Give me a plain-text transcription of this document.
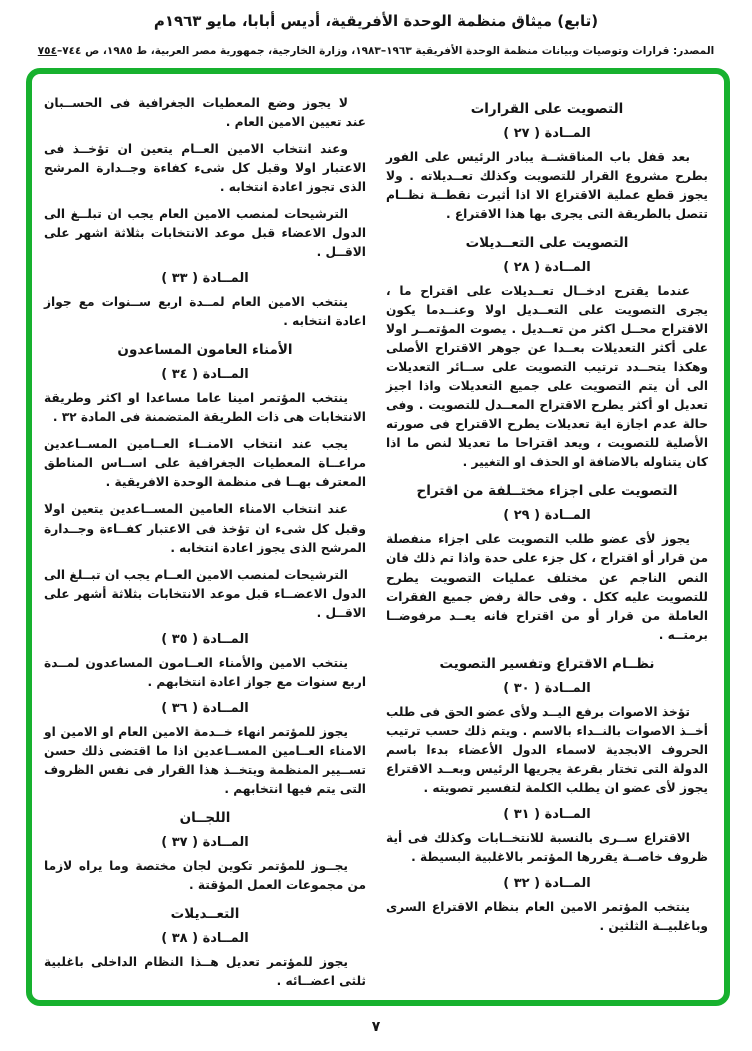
(تابع) ميثاق منظمة الوحدة الأفريقية، أديس أبابا، مايو ١٩٦٣م
المصدر: قرارات وتوصيات وبيانات منظمة الوحدة الأفريقية ١٩٦٣–١٩٨٣، وزارة الخارجية، جمهورية مصر العربية، ط ١٩٨٥، ص ٧٤٤–٧٥٤
التصويت على القرارات
المــادة ( ٢٧ )
بعد قفل باب المناقشــة يبادر الرئيس على الفور بطرح مشروع القرار للتصويت وكذلك تعــديلاته . ولا يجوز قطع عملية الاقتراع الا اذا أثيرت نقطــة نظــام تتصل بالطريقة التى يجرى بها هذا الاقتراع .
التصويت على التعــديلات
المــادة ( ٢٨ )
عندما يقترح ادخــال تعــديلات على اقتراح ما ، يجرى التصويت على التعــديل اولا وعنــدما يكون الاقتراح محــل اكثر من تعــديل . يصوت المؤتمــر اولا على أكثر التعديلات بعــدا عن جوهر الاقتراح الأصلى وهكذا يتحــدد ترتيب التصويت على ســائر التعديلات الى أن يتم التصويت على جميع التعديلات واذا اجيز تعديل او أكثر يطرح الاقتراح المعــدل للتصويت . وفى حالة عدم اجازة اية تعديلات يطرح الاقتراح فى صورته الأصلية للتصويت ، ويعد اقتراحا ما تعديلا لنص ما اذا كان يتناوله بالاضافة او الحذف او التغيير .
التصويت على اجزاء مختــلفة من اقتراح
المــادة ( ٢٩ )
يجوز لأى عضو طلب التصويت على اجزاء منفصلة من قرار أو اقتراح ، كل جزء على حدة واذا تم ذلك فان النص الناجم عن مختلف عمليات التصويت يطرح للتصويت عليه ككل . وفى حالة رفض جميع الفقرات العاملة من قرار أو من اقتراح فانه يعــد مرفوضــا برمتــه .
نظــام الاقتراع وتفسير التصويت
المــادة ( ٣٠ )
تؤخذ الاصوات برفع اليــد ولأى عضو الحق فى طلب أخــذ الاصوات بالنــداء بالاسم . ويتم ذلك حسب ترتيب الحروف الابجدية لاسماء الدول الأعضاء بدءا باسم الدولة التى تختار بقرعة يجريها الرئيس وبعــد الاقتراع يجوز لأى عضو ان يطلب الكلمة لتفسير تصويته .
المــادة ( ٣١ )
الاقتراع ســرى بالنسبة للانتخــابات وكذلك فى أية ظروف خاصــة يقررها المؤتمر بالاغلبية البسيطة .
المــادة ( ٣٢ )
ينتخب المؤتمر الامين العام بنظام الاقتراع السرى وباغلبيــة الثلثين .
لا يجوز وضع المعطيات الجغرافية فى الحســبان عند تعيين الامين العام .
وعند انتخاب الامين العــام يتعين ان تؤخــذ فى الاعتبار اولا وقبل كل شىء كفاءة وجــدارة المرشح الذى تجوز اعادة انتخابه .
الترشيحات لمنصب الامين العام يجب ان تبلــغ الى الدول الاعضاء قبل موعد الانتخابات بثلاثة اشهر على الاقــل .
المــادة ( ٣٣ )
ينتخب الامين العام لمــدة اربع ســنوات مع جواز اعادة انتخابه .
الأمناء العامون المساعدون
المــادة ( ٣٤ )
ينتخب المؤتمر امينا عاما مساعدا او اكثر وطريقة الانتخابات هى ذات الطريقة المتضمنة فى المادة ٣٢ .
يجب عند انتخاب الامنــاء العــامين المســاعدين مراعــاة المعطيات الجغرافية على اســاس المناطق المعترف بهــا فى منظمة الوحدة الافريقية .
عند انتخاب الامناء العامين المســاعدين يتعين اولا وقبل كل شىء ان تؤخذ فى الاعتبار كفــاءة وجــدارة المرشح الذى يجوز اعادة انتخابه .
الترشيحات لمنصب الامين العــام يجب ان تبــلغ الى الدول الاعضــاء قبل موعد الانتخابات بثلاثة أشهر على الاقــل .
المــادة ( ٣٥ )
ينتخب الامين والأمناء العــامون المساعدون لمــدة اربع سنوات مع جواز اعادة انتخابهم .
المــادة ( ٣٦ )
يجوز للمؤتمر انهاء خــدمة الامين العام او الامين او الامناء العــامين المســاعدين اذا ما اقتضى ذلك حسن تســيير المنظمة ويتخــذ هذا القرار فى نفس الظروف التى يتم فيها انتخابهم .
اللجــان
المــادة ( ٣٧ )
يجــوز للمؤتمر تكوين لجان مختصة وما يراه لازما من مجموعات العمل المؤقتة .
التعــديلات
المــادة ( ٣٨ )
يجوز للمؤتمر تعديل هــذا النظام الداخلى باغلبية ثلثى اعضــائه .
٧
